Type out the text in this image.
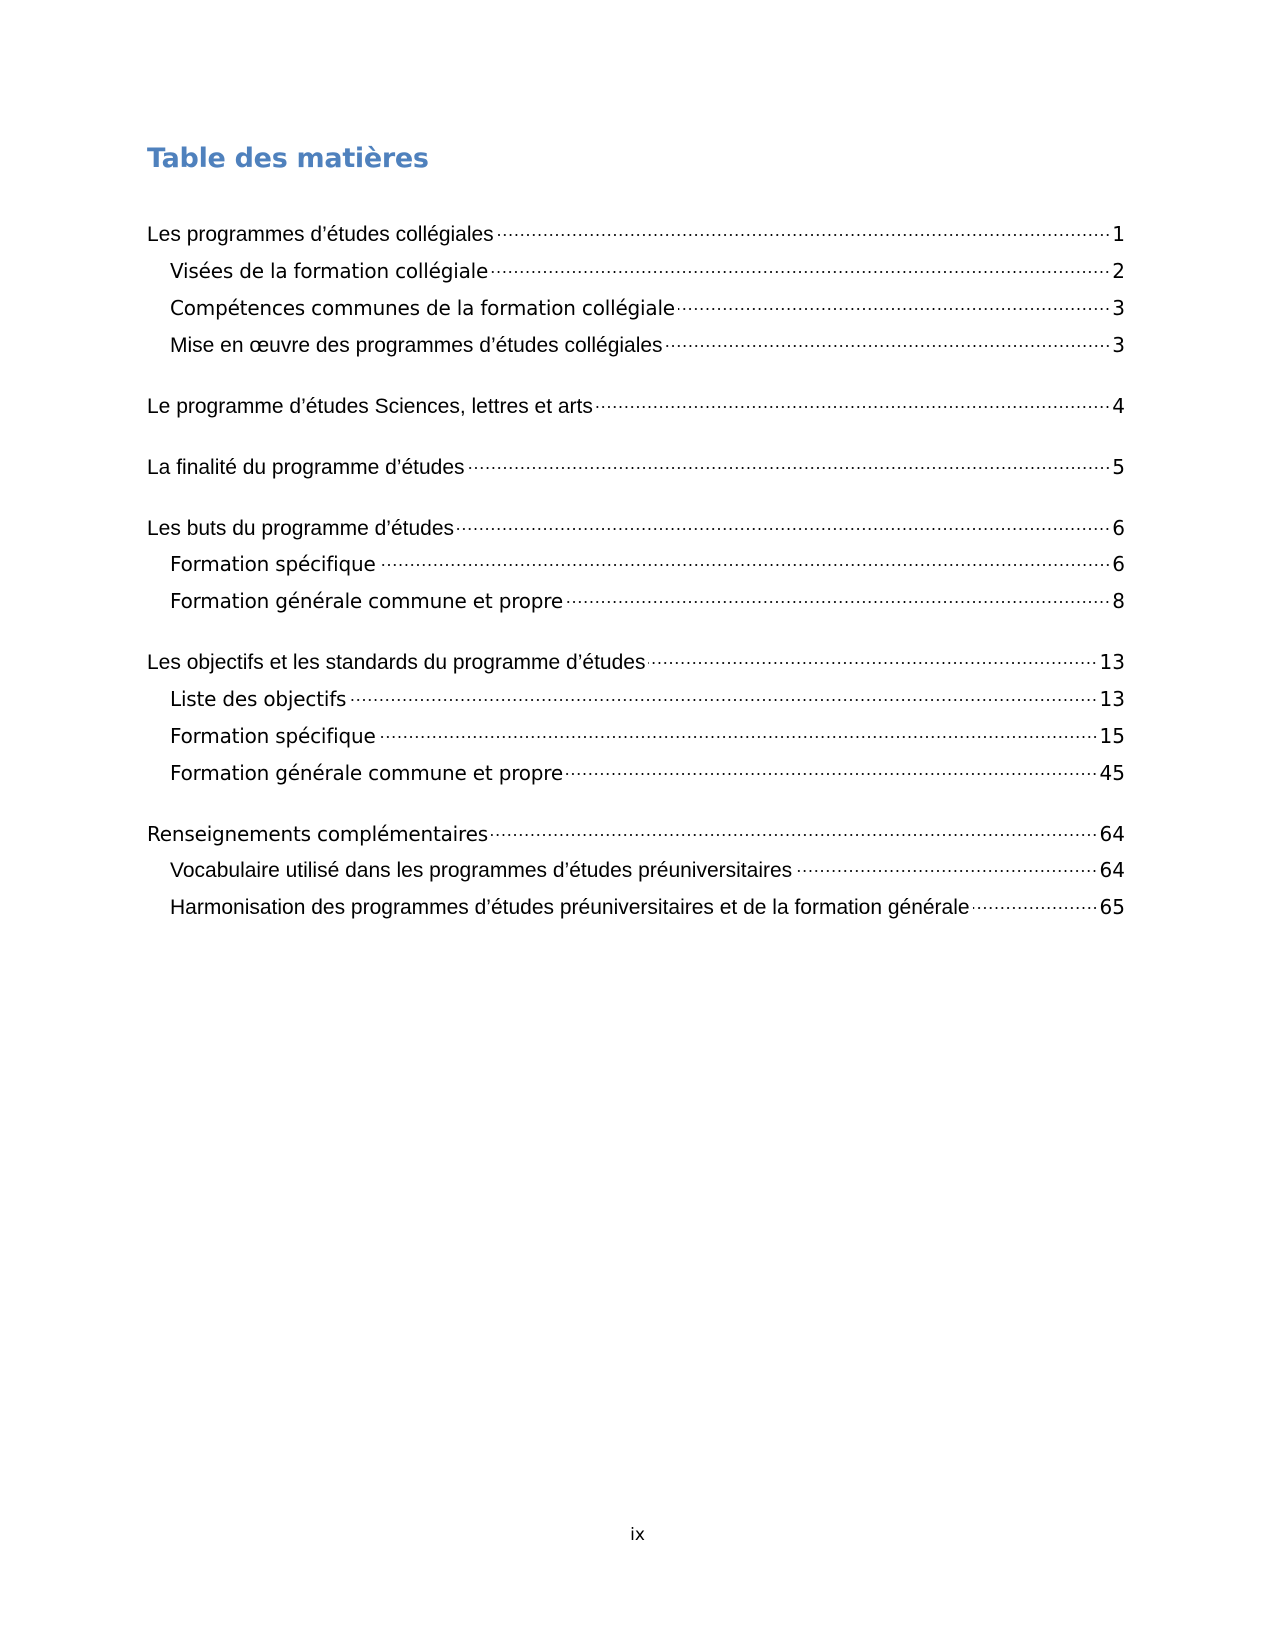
Table des matières
Les programmes d’études collégiales	1
Visées de la formation collégiale	2
Compétences communes de la formation collégiale	3
Mise en œuvre des programmes d’études collégiales	3
Le programme d’études Sciences, lettres et arts	4
La finalité du programme d’études	5
Les buts du programme d’études	6
Formation spécifique	6
Formation générale commune et propre	8
Les objectifs et les standards du programme d’études	13
Liste des objectifs	13
Formation spécifique	15
Formation générale commune et propre	45
Renseignements complémentaires	64
Vocabulaire utilisé dans les programmes d’études préuniversitaires	64
Harmonisation des programmes d’études préuniversitaires et de la formation générale	65
ix
